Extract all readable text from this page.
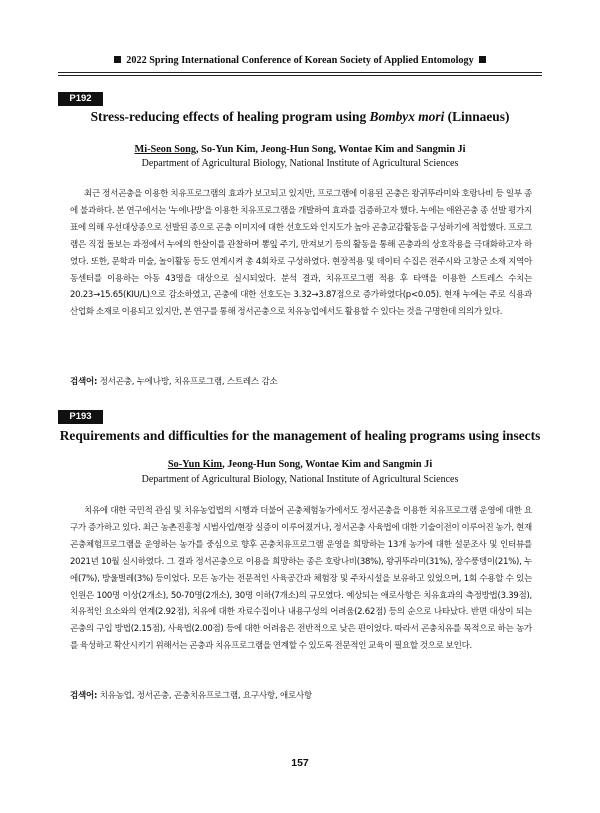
2022 Spring International Conference of Korean Society of Applied Entomology
P192
Stress-reducing effects of healing program using Bombyx mori (Linnaeus)
Mi-Seon Song, So-Yun Kim, Jeong-Hun Song, Wontae Kim and Sangmin Ji
Department of Agricultural Biology, National Institute of Agricultural Sciences
최근 정서곤충을 이용한 치유프로그램의 효과가 보고되고 있지만, 프로그램에 이용된 곤충은 왕귀뚜라미와 호랑나비 등 일부 종에 불과하다. 본 연구에서는 '누에나방'을 이용한 치유프로그램을 개발하여 효과를 검증하고자 했다. 누에는 애완곤충 종 선발 평가지표에 의해 우선대상종으로 선발된 종으로 곤충 이미지에 대한 선호도와 인지도가 높아 곤충교감활동을 구성하기에 적합했다. 프로그램은 직접 돌보는 과정에서 누에의 한살이를 관찰하며 뽕잎 주기, 만져보기 등의 활동을 통해 곤충과의 상호작용을 극대화하고자 하였다. 또한, 문학과 미술, 놀이활동 등도 연계시켜 총 4회차로 구성하였다. 현장적용 및 데이터 수집은 전주시와 고창군 소재 지역아동센터를 이용하는 아동 43명을 대상으로 실시되었다. 분석 결과, 치유프로그램 적용 후 타액을 이용한 스트레스 수치는 20.23→15.65(KIU/L)으로 감소하였고, 곤충에 대한 선호도는 3.32→3.87점으로 증가하였다(p<0.05). 현재 누에는 주로 식용과 산업화 소재로 이용되고 있지만, 본 연구를 통해 정서곤충으로 치유농업에서도 활용할 수 있다는 것을 구명한데 의의가 있다.
검색어: 정서곤충, 누에나방, 치유프로그램, 스트레스 감소
P193
Requirements and difficulties for the management of healing programs using insects
So-Yun Kim, Jeong-Hun Song, Wontae Kim and Sangmin Ji
Department of Agricultural Biology, National Institute of Agricultural Sciences
치유에 대한 국민적 관심 및 치유농업법의 시행과 더불어 곤충체험농가에서도 정서곤충을 이용한 치유프로그램 운영에 대한 요구가 증가하고 있다. 최근 농촌진흥청 시범사업/현장 실증이 이루어졌거나, 정서곤충 사육법에 대한 기술이전이 이루어진 농가, 현재 곤충체험프로그램을 운영하는 농가를 중심으로 향후 곤충치유프로그램 운영을 희망하는 13개 농가에 대한 설문조사 및 인터뷰를 2021년 10월 실시하였다. 그 결과 정서곤충으로 이용을 희망하는 종은 호랑나비(38%), 왕귀뚜라미(31%), 장수풍뎅이(21%), 누에(7%), 방울벌레(3%) 등이었다. 모든 농가는 전문적인 사육공간과 체험장 및 주차시설을 보유하고 있었으며, 1회 수용할 수 있는 인원은 100명 이상(2개소), 50-70명(2개소), 30명 이하(7개소)의 규모였다. 예상되는 애로사항은 치유효과의 측정방법(3.39점), 치유적인 요소와의 연계(2.92점), 치유에 대한 자료수집이나 내용구성의 어려움(2.62점) 등의 순으로 나타났다. 반면 대상이 되는 곤충의 구입 방법(2.15점), 사육법(2.00점) 등에 대한 어려움은 전반적으로 낮은 편이었다. 따라서 곤충치유를 목적으로 하는 농가를 육성하고 확산시키기 위해서는 곤충과 치유프로그램을 연계할 수 있도록 전문적인 교육이 필요할 것으로 보인다.
검색어: 치유농업, 정서곤충, 곤충치유프로그램, 요구사항, 애로사항
157
